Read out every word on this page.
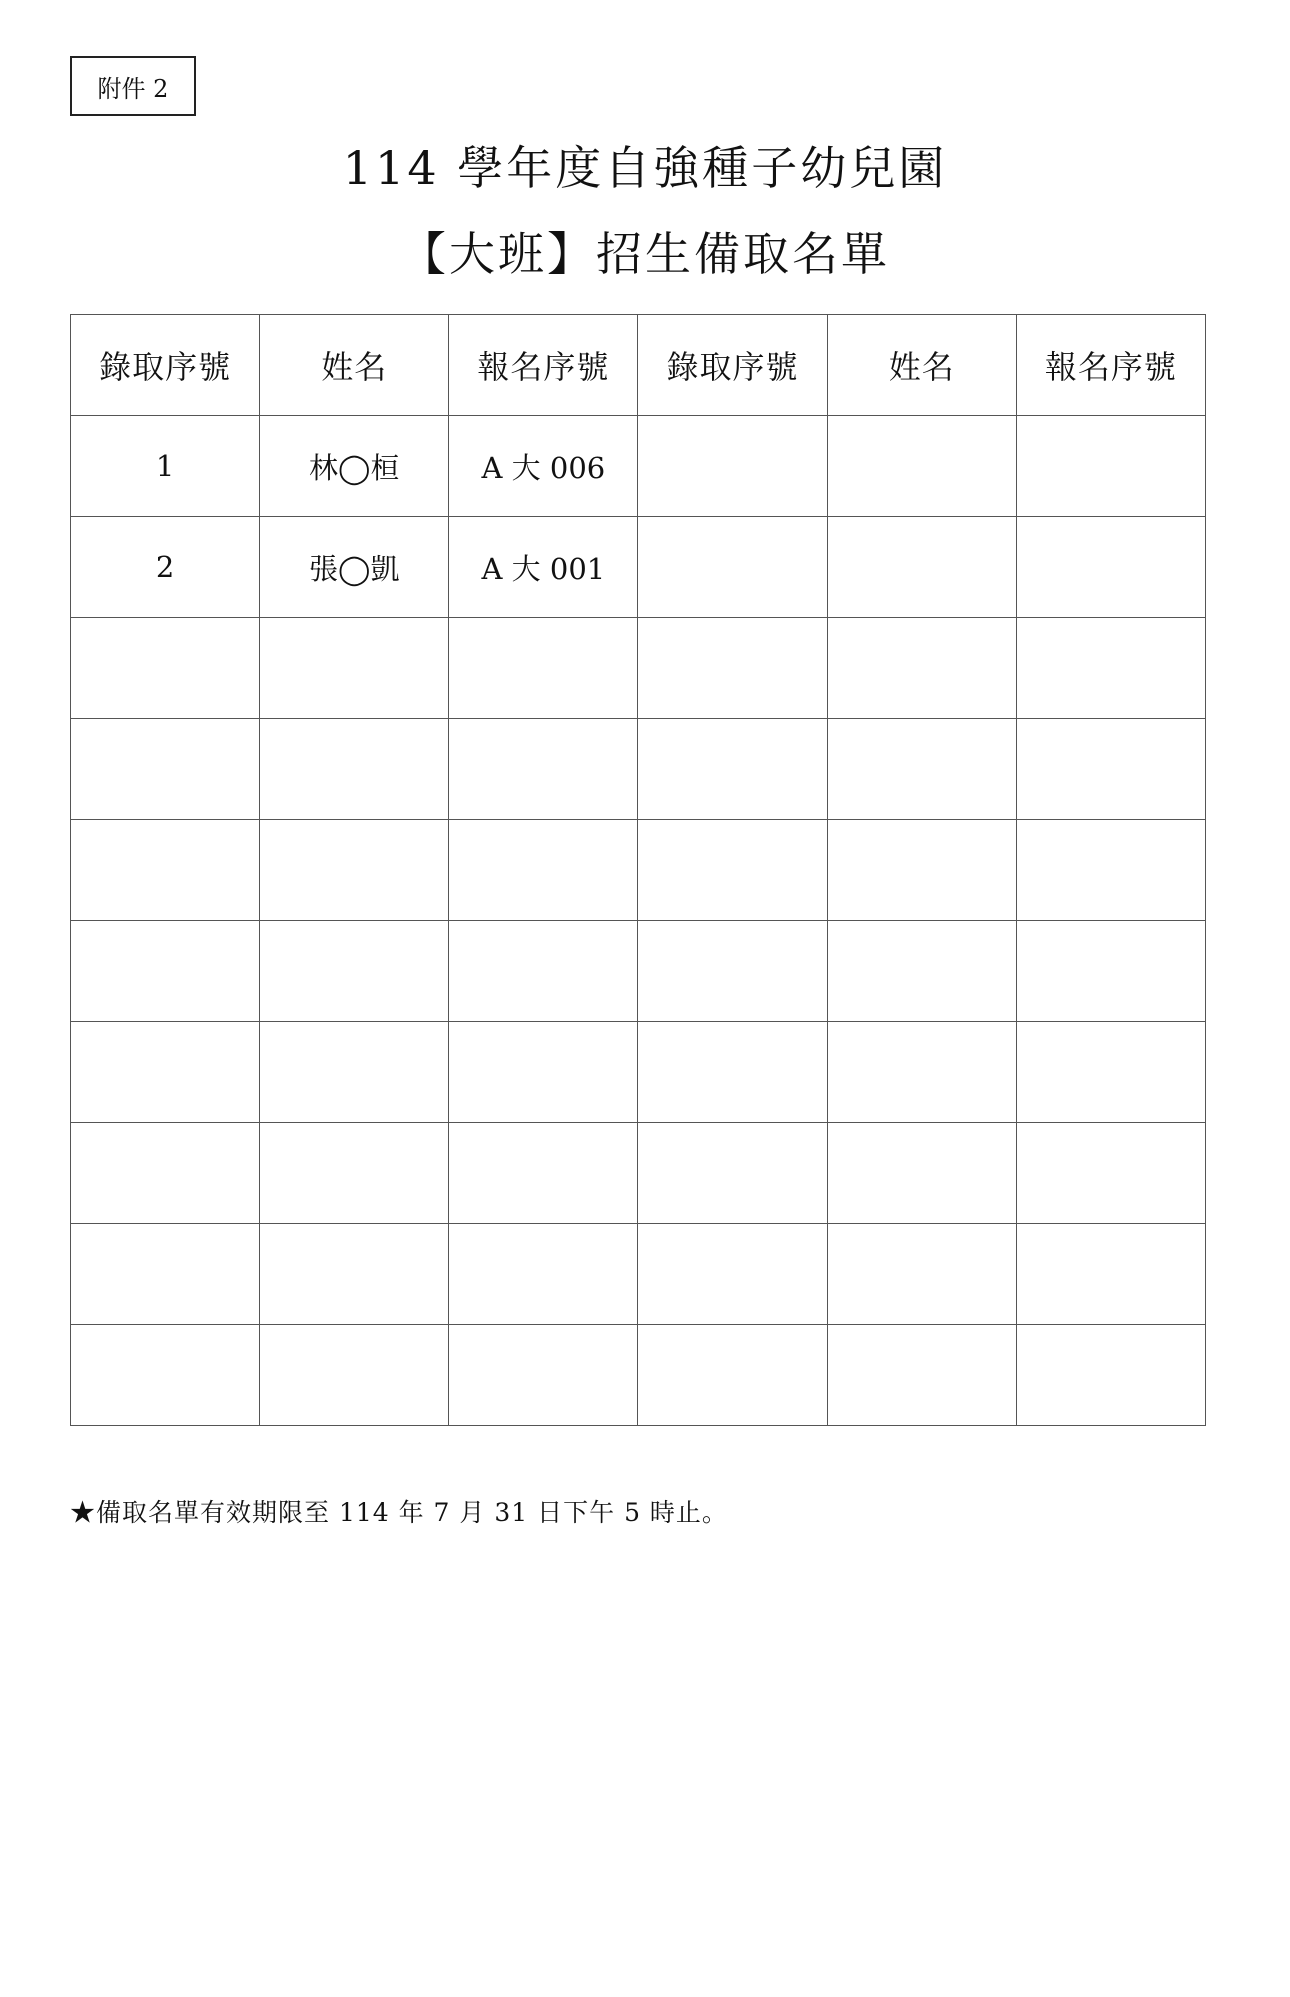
附件 2
114 學年度自強種子幼兒園
【大班】招生備取名單
錄取序號	姓名	報名序號	錄取序號	姓名	報名序號
1	林◯桓	A 大 006			
2	張◯凱	A 大 001			

★備取名單有效期限至 114 年 7 月 31 日下午 5 時止。
